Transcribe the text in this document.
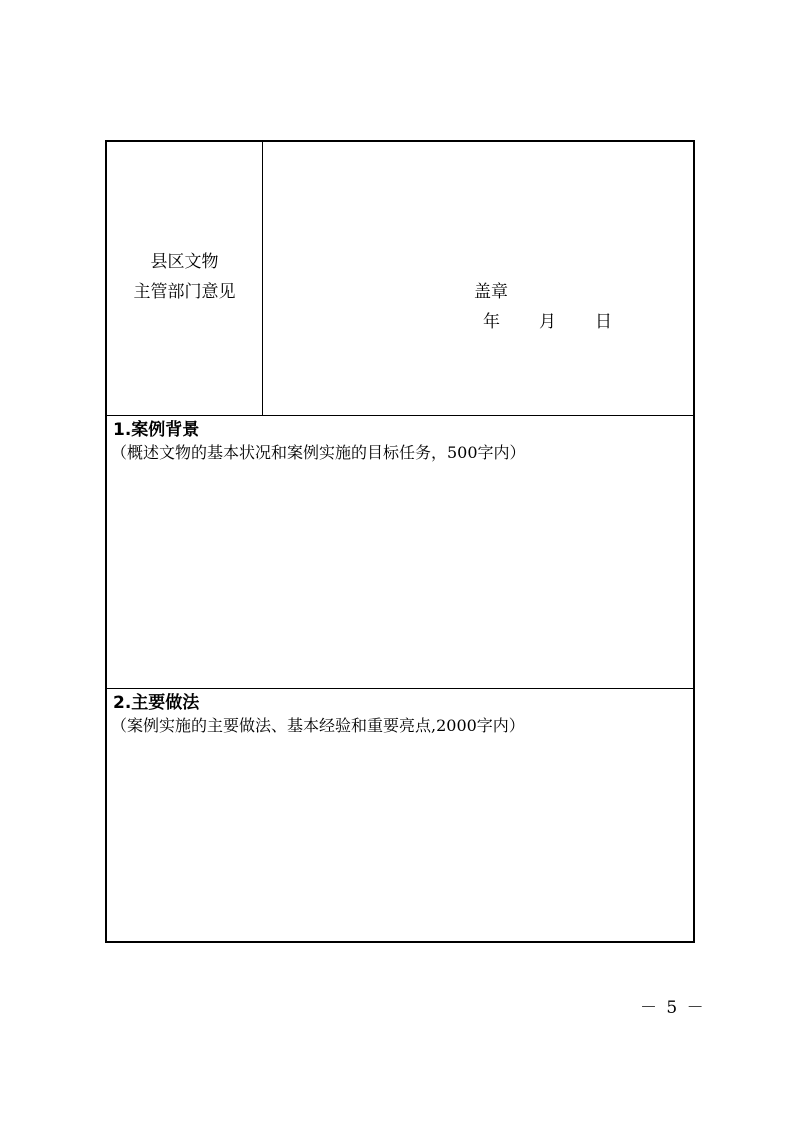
县区文物
主管部门意见	盖章
年 月 日
1.案例背景
（概述文物的基本状况和案例实施的目标任务，500字内）
2.主要做法
（案例实施的主要做法、基本经验和重要亮点,2000字内）
－ 5 －
